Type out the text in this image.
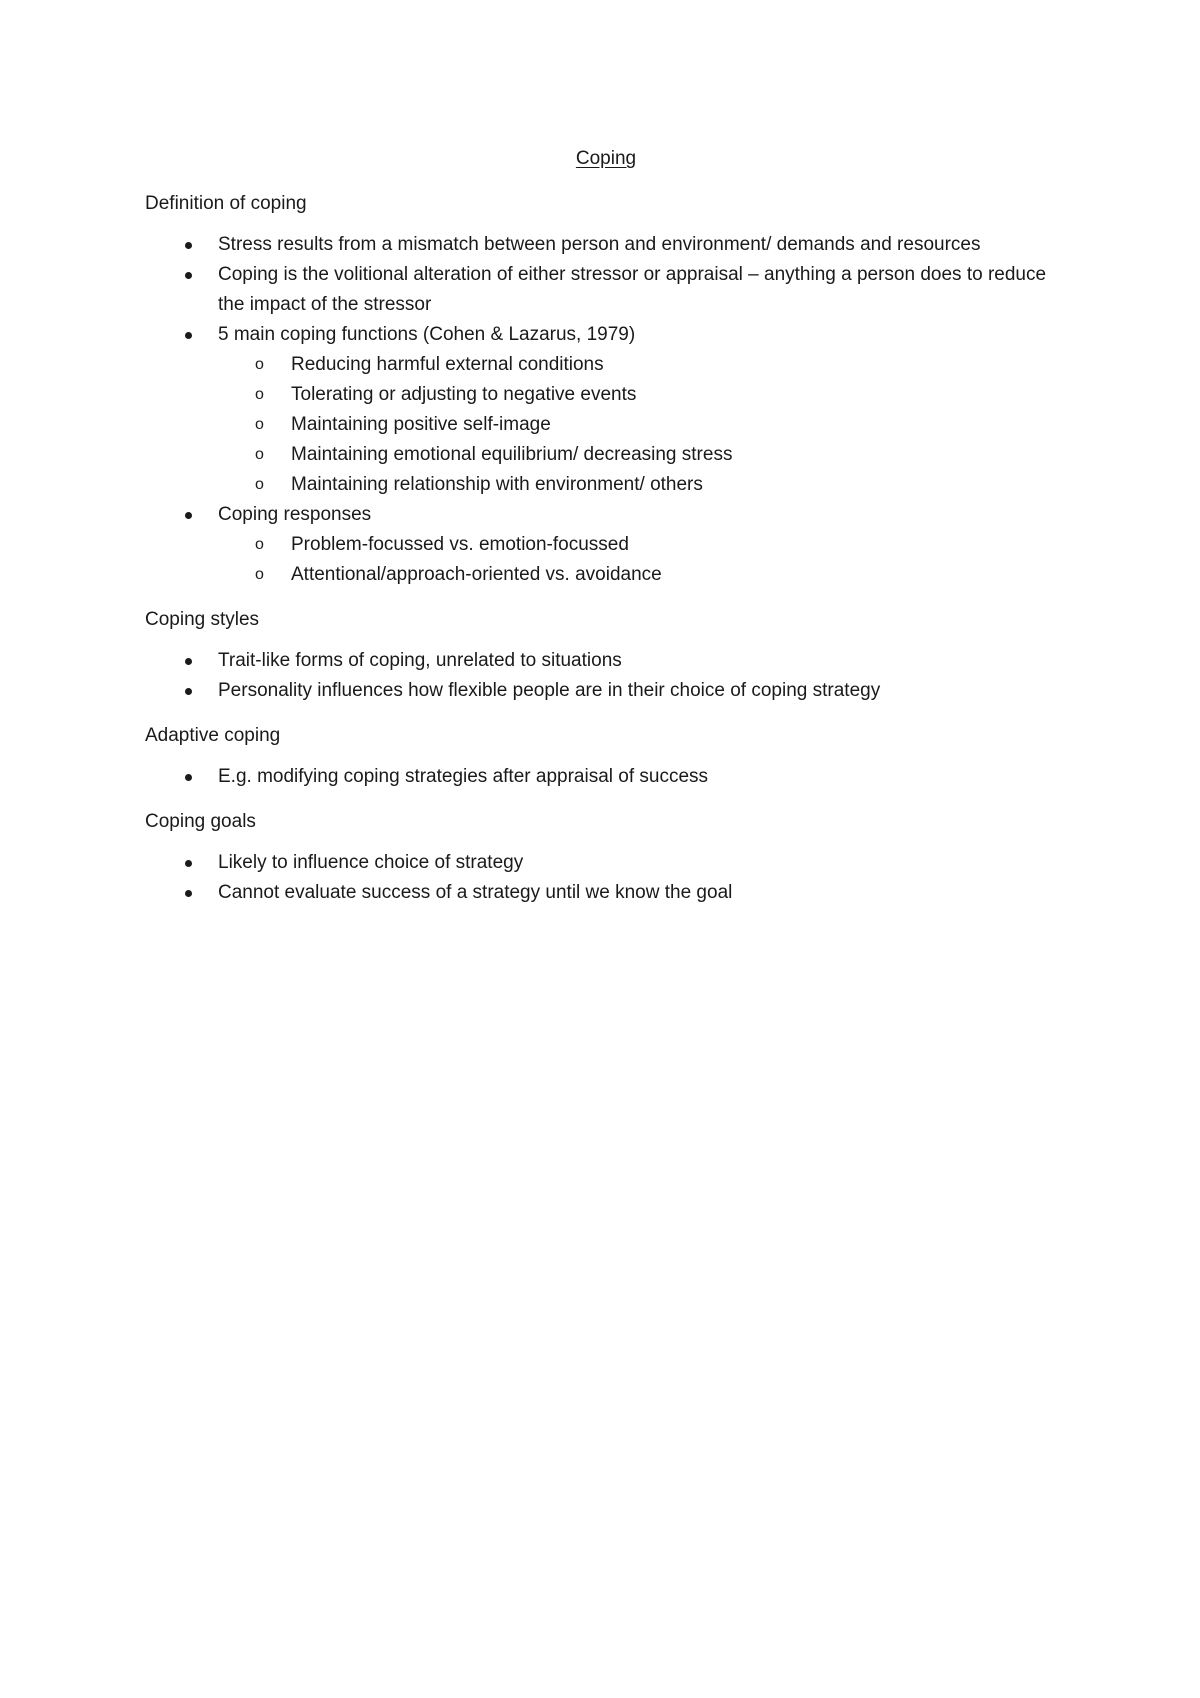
Coping
Definition of coping
Stress results from a mismatch between person and environment/ demands and resources
Coping is the volitional alteration of either stressor or appraisal – anything a person does to reduce the impact of the stressor
5 main coping functions (Cohen & Lazarus, 1979)
o Reducing harmful external conditions
o Tolerating or adjusting to negative events
o Maintaining positive self-image
o Maintaining emotional equilibrium/ decreasing stress
o Maintaining relationship with environment/ others
Coping responses
o Problem-focussed vs. emotion-focussed
o Attentional/approach-oriented vs. avoidance
Coping styles
Trait-like forms of coping, unrelated to situations
Personality influences how flexible people are in their choice of coping strategy
Adaptive coping
E.g. modifying coping strategies after appraisal of success
Coping goals
Likely to influence choice of strategy
Cannot evaluate success of a strategy until we know the goal
